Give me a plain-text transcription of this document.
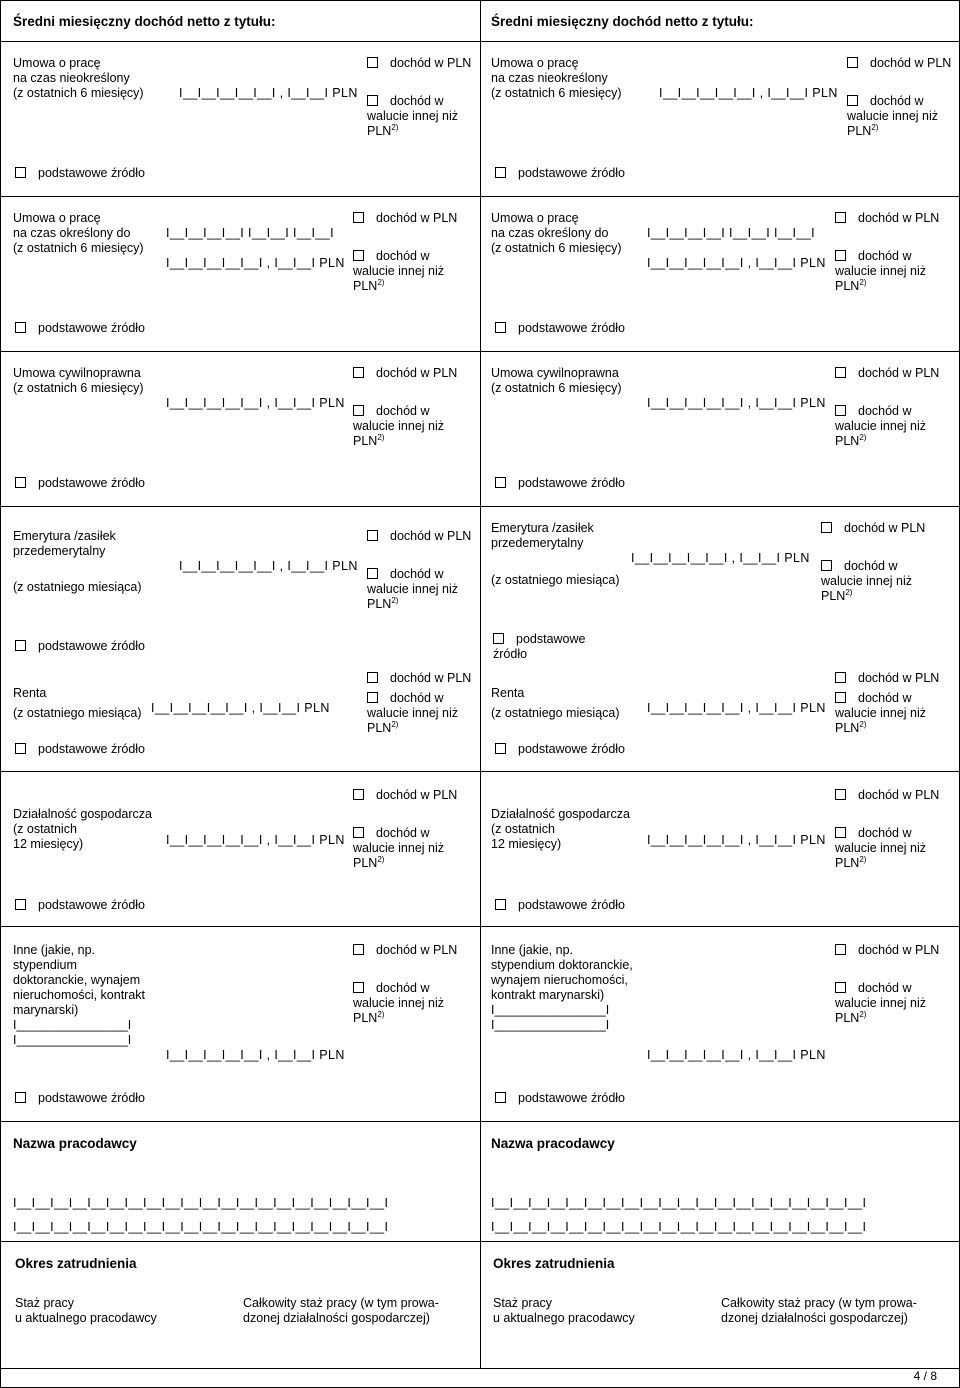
Średni miesięczny dochód netto z tytułu:	Średni miesięczny dochód netto z tytułu:
Umowa o pracę
na czas nieokreślony
(z ostatnich 6 miesięcy)	I__I__I__I__I__I , I__I__I PLN
dochód w PLN
dochód w
walucie innej niż
PLN$^{2)}$
podstawowe źródło
Umowa o pracę
na czas nieokreślony
(z ostatnich 6 miesięcy)	I__I__I__I__I__I , I__I__I PLN
dochód w PLN
dochód w
walucie innej niż
PLN$^{2)}$
podstawowe źródło
Umowa o pracę
na czas określony do
(z ostatnich 6 miesięcy)
I__I__I__I__I I__I__I I__I__I
I__I__I__I__I__I , I__I__I PLN
dochód w PLN
dochód w
walucie innej niż
PLN$^{2)}$
podstawowe źródło
Umowa o pracę
na czas określony do
(z ostatnich 6 miesięcy)
I__I__I__I__I I__I__I I__I__I
I__I__I__I__I__I , I__I__I PLN
dochód w PLN
dochód w
walucie innej niż
PLN$^{2)}$
podstawowe źródło
Umowa cywilnoprawna
(z ostatnich 6 miesięcy)
I__I__I__I__I__I , I__I__I PLN
dochód w PLN
dochód w
walucie innej niż
PLN$^{2)}$
podstawowe źródło
Umowa cywilnoprawna
(z ostatnich 6 miesięcy)
I__I__I__I__I__I , I__I__I PLN
dochód w PLN
dochód w
walucie innej niż
PLN$^{2)}$
podstawowe źródło
Emerytura /zasiłek
przedemerytalny
(z ostatniego miesiąca)
I__I__I__I__I__I , I__I__I PLN
dochód w PLN
dochód w
walucie innej niż
PLN$^{2)}$
podstawowe źródło
Emerytura /zasiłek
przedemerytalny
(z ostatniego miesiąca)
I__I__I__I__I__I , I__I__I PLN
dochód w PLN
dochód w
walucie innej niż
PLN$^{2)}$
podstawowe
źródło
Renta
(z ostatniego miesiąca) I__I__I__I__I__I , I__I__I PLN
dochód w PLN
dochód w
walucie innej niż
PLN$^{2)}$
podstawowe źródło
Renta
(z ostatniego miesiąca) I__I__I__I__I__I , I__I__I PLN
dochód w PLN
dochód w
walucie innej niż
PLN$^{2)}$
podstawowe źródło
Działalność gospodarcza
(z ostatnich
12 miesięcy)	I__I__I__I__I__I , I__I__I PLN
dochód w PLN
dochód w
walucie innej niż
PLN$^{2)}$
podstawowe źródło
Działalność gospodarcza
(z ostatnich
12 miesięcy)	I__I__I__I__I__I , I__I__I PLN
dochód w PLN
dochód w
walucie innej niż
PLN$^{2)}$
podstawowe źródło
Inne (jakie, np.
stypendium
doktoranckie, wynajem
nieruchomości, kontrakt
marynarski)
I________________I
I________________I
I__I__I__I__I__I , I__I__I PLN
dochód w PLN
dochód w
walucie innej niż
PLN$^{2)}$
podstawowe źródło
Inne (jakie, np.
stypendium doktoranckie,
wynajem nieruchomości,
kontrakt marynarski)
I________________I
I________________I
I__I__I__I__I__I , I__I__I PLN
dochód w PLN
dochód w
walucie innej niż
PLN$^{2)}$
podstawowe źródło
Nazwa pracodawcy
I__I__I__I__I__I__I__I__I__I__I__I__I__I__I__I__I__I__I__I__I
I__I__I__I__I__I__I__I__I__I__I__I__I__I__I__I__I__I__I__I__I
Nazwa pracodawcy
I__I__I__I__I__I__I__I__I__I__I__I__I__I__I__I__I__I__I__I__I
I__I__I__I__I__I__I__I__I__I__I__I__I__I__I__I__I__I__I__I__I
Okres zatrudnienia
Staż pracy
u aktualnego pracodawcy
Całkowity staż pracy (w tym prowa-
dzonej działalności gospodarczej)
Okres zatrudnienia
Staż pracy
u aktualnego pracodawcy
Całkowity staż pracy (w tym prowa-
dzonej działalności gospodarczej)
4 / 8
